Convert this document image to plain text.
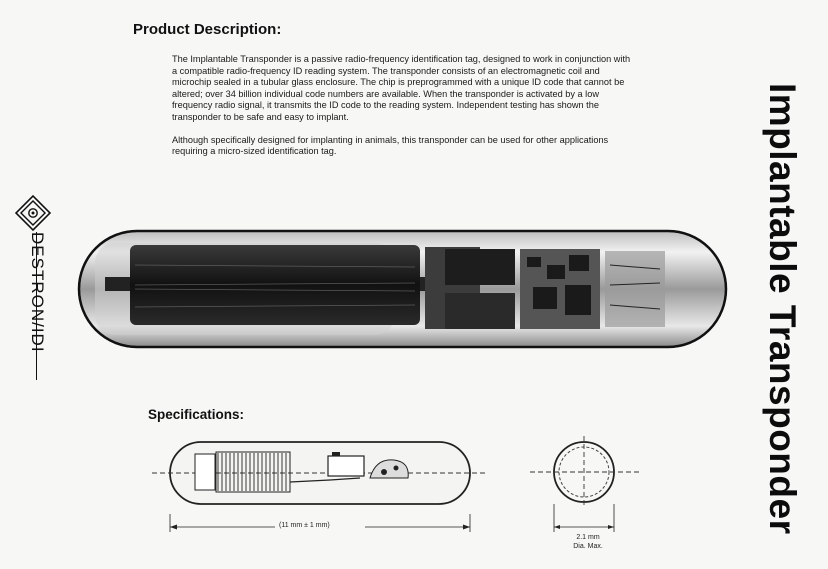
Product Description:

The Implantable Transponder is a passive radio-frequency identification tag, designed to work in conjunction with a compatible radio-frequency ID reading system. The transponder consists of an electromagnetic coil and microchip sealed in a tubular glass enclosure. The chip is preprogrammed with a unique ID code that cannot be altered; over 34 billion individual code numbers are available. When the transponder is activated by a low frequency radio signal, it transmits the ID code to the reading system. Independent testing has shown the transponder to be safe and easy to implant.

Although specifically designed for implanting in animals, this transponder can be used for other applications requiring a micro-sized identification tag.	Implantable Transponder
DESTRON/IDI
Specifications:
(11 mm ± 1 mm)
2.1 mm
Dia. Max.
